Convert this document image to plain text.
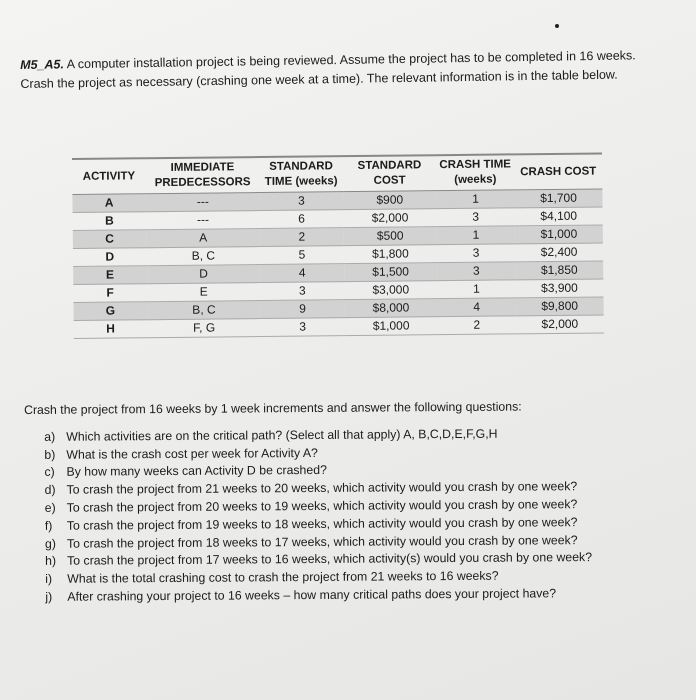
M5_A5. A computer installation project is being reviewed. Assume the project has to be completed in 16 weeks. Crash the project as necessary (crashing one week at a time). The relevant information is in the table below.
ACTIVITY	IMMEDIATE PREDECESSORS	STANDARD TIME (weeks)	STANDARD COST	CRASH TIME (weeks)	CRASH COST
A	---	3	$900	1	$1,700
B	---	6	$2,000	3	$4,100
C	A	2	$500	1	$1,000
D	B, C	5	$1,800	3	$2,400
E	D	4	$1,500	3	$1,850
F	E	3	$3,000	1	$3,900
G	B, C	9	$8,000	4	$9,800
H	F, G	3	$1,000	2	$2,000

Crash the project from 16 weeks by 1 week increments and answer the following questions:

a) Which activities are on the critical path? (Select all that apply) A, B,C,D,E,F,G,H
b) What is the crash cost per week for Activity A?
c) By how many weeks can Activity D be crashed?
d) To crash the project from 21 weeks to 20 weeks, which activity would you crash by one week?
e) To crash the project from 20 weeks to 19 weeks, which activity would you crash by one week?
f)	To crash the project from 19 weeks to 18 weeks, which activity would you crash by one week?
g) To crash the project from 18 weeks to 17 weeks, which activity would you crash by one week?
h) To crash the project from 17 weeks to 16 weeks, which activity(s) would you crash by one week?
i)	What is the total crashing cost to crash the project from 21 weeks to 16 weeks?
j)	After crashing your project to 16 weeks – how many critical paths does your project have?
